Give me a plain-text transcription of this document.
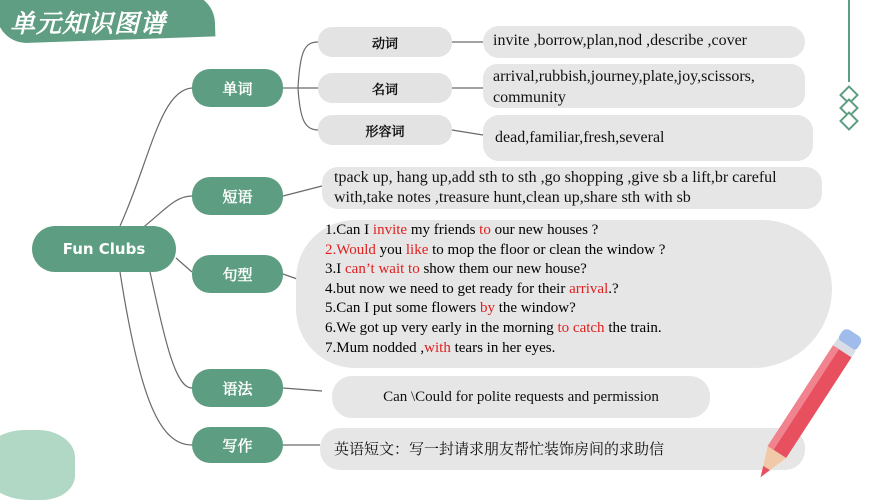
单元知识图谱
Fun Clubs
单词
短语
句型
语法
写作
动词
名词
形容词
invite ,borrow,plan,nod ,describe ,cover
arrival,rubbish,journey,plate,joy,scissors, community
dead,familiar,fresh,several
tpack up, hang up,add sth to sth ,go shopping ,give sb a lift,br careful with,take notes ,treasure hunt,clean up,share sth with sb
1.Can I invite my friends to our new houses ?
2.Would you like to mop the floor or clean the window ?
3.I can’t wait to show them our new house?
4.but now we need to get ready for their arrival.?
5.Can I put some flowers by the window?
6.We got up very early in the morning to catch the train.
7.Mum nodded ,with tears in her eyes.
Can \Could for polite requests and permission
英语短文：写一封请求朋友帮忙装饰房间的求助信
